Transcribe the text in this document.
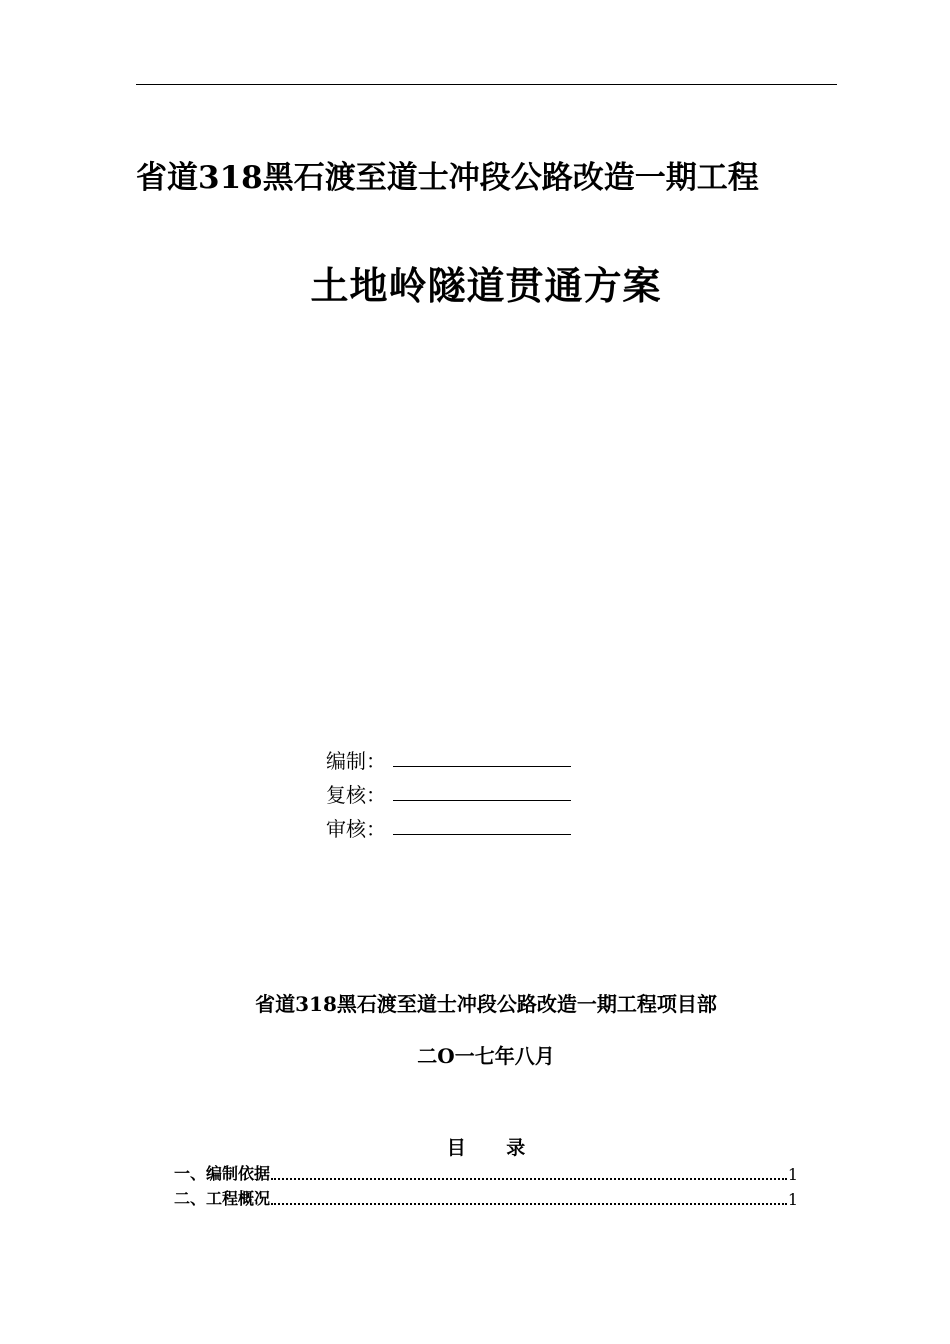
省道318黑石渡至道士冲段公路改造一期工程
土地岭隧道贯通方案
编制：
复核：
审核：
省道318黑石渡至道士冲段公路改造一期工程项目部
二O一七年八月
目 录
一、编制依据	1
二、工程概况	1
